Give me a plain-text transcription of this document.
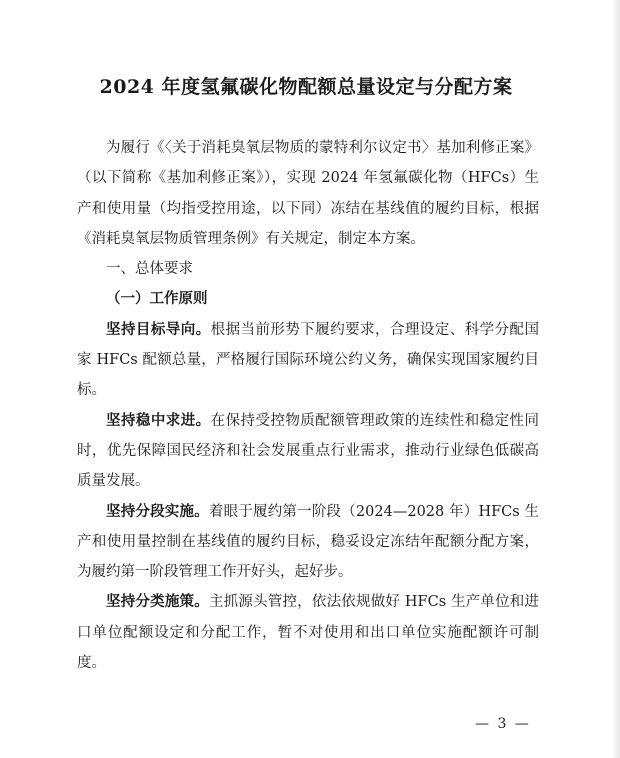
2024 年度氢氟碳化物配额总量设定与分配方案

为履行《〈关于消耗臭氧层物质的蒙特利尔议定书〉基加利修正案》（以下简称《基加利修正案》），实现 2024 年氢氟碳化物（HFCs）生产和使用量（均指受控用途，以下同）冻结在基线值的履约目标，根据《消耗臭氧层物质管理条例》有关规定，制定本方案。

一、总体要求

（一）工作原则

坚持目标导向。根据当前形势下履约要求，合理设定、科学分配国家 HFCs 配额总量，严格履行国际环境公约义务，确保实现国家履约目标。

坚持稳中求进。在保持受控物质配额管理政策的连续性和稳定性同时，优先保障国民经济和社会发展重点行业需求，推动行业绿色低碳高质量发展。

坚持分段实施。着眼于履约第一阶段（2024—2028 年）HFCs 生产和使用量控制在基线值的履约目标，稳妥设定冻结年配额分配方案，为履约第一阶段管理工作开好头，起好步。

坚持分类施策。主抓源头管控，依法依规做好 HFCs 生产单位和进口单位配额设定和分配工作，暂不对使用和出口单位实施配额许可制度。

— 3 —
